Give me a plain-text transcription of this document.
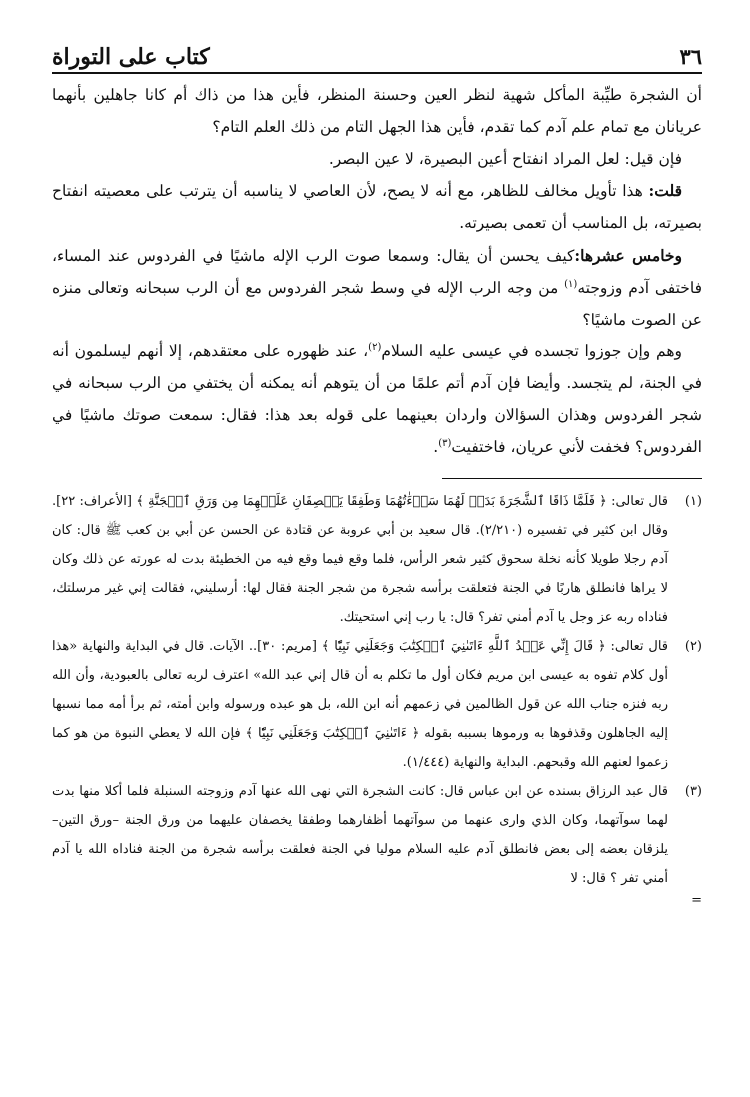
٣٦
كتاب على التوراة

أن الشجرة طيِّبة المأكل شهية لنظر العين وحسنة المنظر، فأين هذا من ذاك أم كانا جاهلين بأنهما عريانان مع تمام علم آدم كما تقدم، فأين هذا الجهل التام من ذلك العلم التام؟

فإن قيل: لعل المراد انفتاح أعين البصيرة، لا عين البصر.

قلت: هذا تأويل مخالف للظاهر، مع أنه لا يصح، لأن العاصي لا يناسبه أن يترتب على معصيته انفتاح بصيرته، بل المناسب أن تعمى بصيرته.

وخامس عشرها:كيف يحسن أن يقال: وسمعا صوت الرب الإله ماشيًا في الفردوس عند المساء، فاختفى آدم وزوجته$^{(١)}$ من وجه الرب الإله في وسط شجر الفردوس مع أن الرب سبحانه وتعالى منزه عن الصوت ماشيًا؟

وهم وإن جوزوا تجسده في عيسى عليه السلام$^{(٢)}$، عند ظهوره على معتقدهم، إلا أنهم ليسلمون أنه في الجنة، لم يتجسد. وأيضا فإن آدم أتم علمًا من أن يتوهم أنه يمكنه أن يختفي من الرب سبحانه في شجر الفردوس وهذان السؤالان واردان بعينهما على قوله بعد هذا: فقال: سمعت صوتك ماشيًا في الفردوس؟ فخفت لأني عريان، فاختفيت$^{(٣)}$.

(١)
قال تعالى: ﴿ فَلَمَّا ذَاقَا ٱلشَّجَرَةَ بَدَتۡ لَهُمَا سَوۡءَٰتُهُمَا وَطَفِقَا يَخۡصِفَانِ عَلَيۡهِمَا مِن وَرَقِ ٱلۡجَنَّةِ ﴾ [الأعراف: ٢٢]. وقال ابن كثير في تفسيره (٢/٢١٠). قال سعيد بن أبي عروبة عن قتادة عن الحسن عن أبي بن كعب ﷺ قال: كان آدم رجلا طويلا كأنه نخلة سحوق كثير شعر الرأس، فلما وقع فيما وقع فيه من الخطيئة بدت له عورته عن ذلك وكان لا يراها فانطلق هاربًا في الجنة فتعلقت برأسه شجرة من شجر الجنة فقال لها: أرسليني، فقالت إني غير مرسلتك، فناداه ربه عز وجل يا آدم أمني تفر؟ قال: يا رب إني استحيتك.
(٢)
قال تعالى: ﴿ قَالَ إِنِّي عَبۡدُ ٱللَّهِ ءَاتَىٰنِيَ ٱلۡكِتَٰبَ وَجَعَلَنِي نَبِيّٗا ﴾ [مريم: ٣٠].. الآيات. قال في البداية والنهاية «هذا أول كلام تفوه به عيسى ابن مريم فكان أول ما تكلم به أن قال إني عبد الله» اعترف لربه تعالى بالعبودية، وأن الله ربه فنزه جناب الله عن قول الظالمين في زعمهم أنه ابن الله، بل هو عبده ورسوله وابن أمته، ثم برأ أمه مما نسبها إليه الجاهلون وقذفوها به ورموها بسببه بقوله ﴿ ءَاتَىٰنِيَ ٱلۡكِتَٰبَ وَجَعَلَنِي نَبِيّٗا ﴾ فإن الله لا يعطي النبوة من هو كما زعموا لعنهم الله وقبحهم. البداية والنهاية (١/٤٤٤).
(٣)
قال عبد الرزاق بسنده عن ابن عباس قال: كانت الشجرة التي نهى الله عنها آدم وزوجته السنبلة فلما أكلا منها بدت لهما سوآتهما، وكان الذي وارى عنهما من سوآتهما أظفارهما وطفقا يخصفان عليهما من ورق الجنة –ورق التين– يلزقان بعضه إلى بعض فانطلق آدم عليه السلام موليا في الجنة فعلقت برأسه شجرة من الجنة فناداه الله يا آدم أمني تفر ؟ قال: لا
=
